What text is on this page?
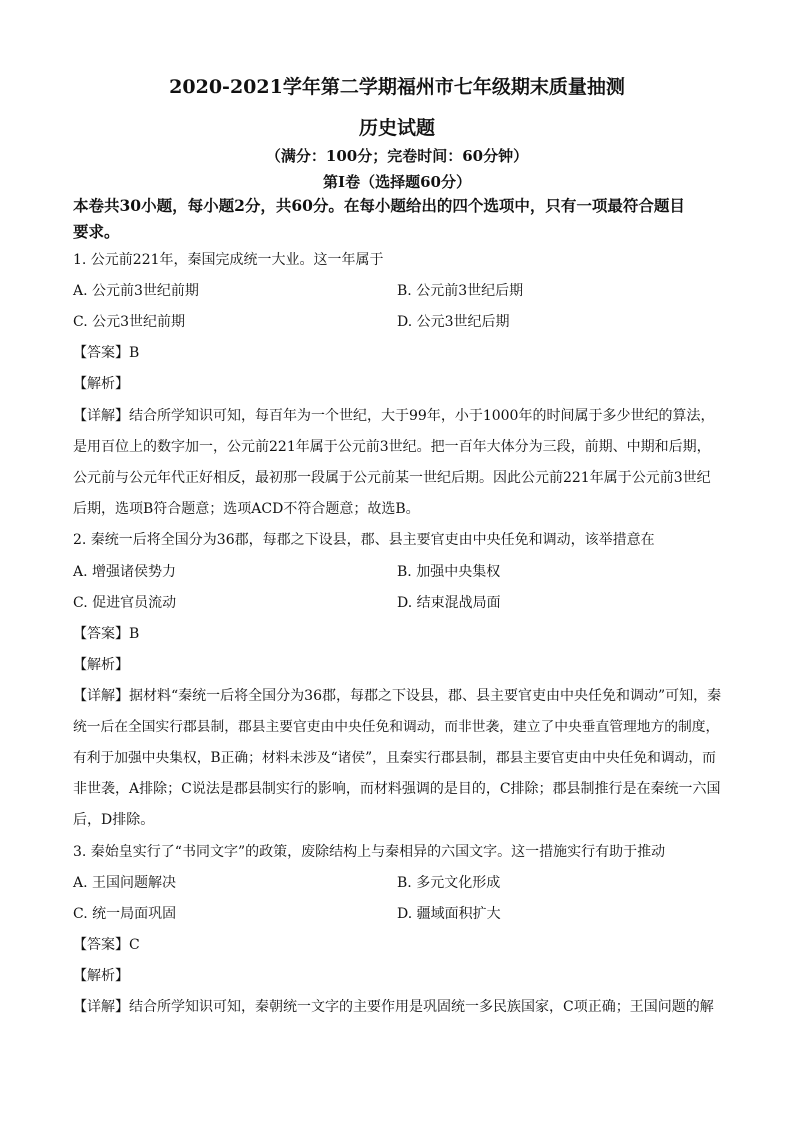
2020-2021学年第二学期福州市七年级期末质量抽测
历史试题
（满分：100分；完卷时间：60分钟）
第I卷（选择题60分）
本卷共30小题，每小题2分，共60分。在每小题给出的四个选项中，只有一项最符合题目
要求。
1. 公元前221年，秦国完成统一大业。这一年属于
A. 公元前3世纪前期	B. 公元前3世纪后期
C. 公元3世纪前期	D. 公元3世纪后期
【答案】B
【解析】
【详解】结合所学知识可知，每百年为一个世纪，大于99年，小于1000年的时间属于多少世纪的算法，
是用百位上的数字加一，公元前221年属于公元前3世纪。把一百年大体分为三段，前期、中期和后期，
公元前与公元年代正好相反，最初那一段属于公元前某一世纪后期。因此公元前221年属于公元前3世纪
后期，选项B符合题意；选项ACD不符合题意；故选B。
2. 秦统一后将全国分为36郡，每郡之下设县，郡、县主要官吏由中央任免和调动，该举措意在
A. 增强诸侯势力	B. 加强中央集权
C. 促进官员流动	D. 结束混战局面
【答案】B
【解析】
【详解】据材料“秦统一后将全国分为36郡，每郡之下设县，郡、县主要官吏由中央任免和调动”可知，秦
统一后在全国实行郡县制，郡县主要官吏由中央任免和调动，而非世袭，建立了中央垂直管理地方的制度，
有利于加强中央集权，B正确；材料未涉及“诸侯”，且秦实行郡县制，郡县主要官吏由中央任免和调动，而
非世袭，A排除；C说法是郡县制实行的影响，而材料强调的是目的，C排除；郡县制推行是在秦统一六国
后，D排除。
3. 秦始皇实行了“书同文字”的政策，废除结构上与秦相异的六国文字。这一措施实行有助于推动
A. 王国问题解决	B. 多元文化形成
C. 统一局面巩固	D. 疆域面积扩大
【答案】C
【解析】
【详解】结合所学知识可知，秦朝统一文字的主要作用是巩固统一多民族国家，C项正确；王国问题的解
